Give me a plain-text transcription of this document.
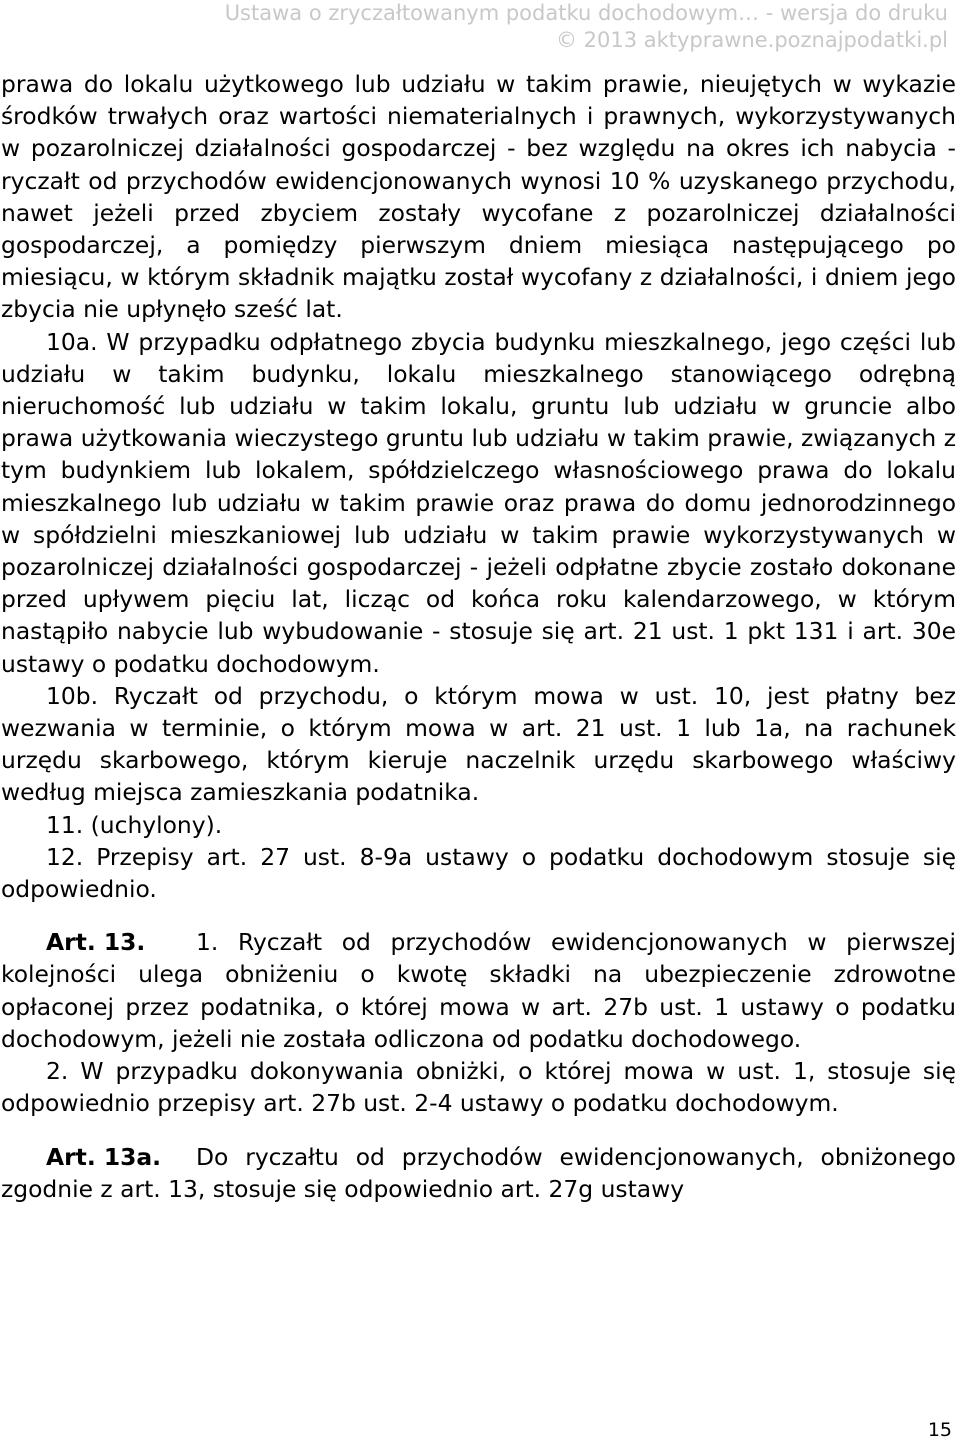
Ustawa o zryczałtowanym podatku dochodowym… - wersja do druku
© 2013 aktyprawne.poznajpodatki.pl

prawa do lokalu użytkowego lub udziału w takim prawie, nieujętych w wykazie środków trwałych oraz wartości niematerialnych i prawnych, wykorzystywanych w pozarolniczej działalności gospodarczej - bez względu na okres ich nabycia - ryczałt od przychodów ewidencjonowanych wynosi 10 % uzyskanego przychodu, nawet jeżeli przed zbyciem zostały wycofane z pozarolniczej działalności gospodarczej, a pomiędzy pierwszym dniem miesiąca następującego po miesiącu, w którym składnik majątku został wycofany z działalności, i dniem jego zbycia nie upłynęło sześć lat.

10a. W przypadku odpłatnego zbycia budynku mieszkalnego, jego części lub udziału w takim budynku, lokalu mieszkalnego stanowiącego odrębną nieruchomość lub udziału w takim lokalu, gruntu lub udziału w gruncie albo prawa użytkowania wieczystego gruntu lub udziału w takim prawie, związanych z tym budynkiem lub lokalem, spółdzielczego własnościowego prawa do lokalu mieszkalnego lub udziału w takim prawie oraz prawa do domu jednorodzinnego w spółdzielni mieszkaniowej lub udziału w takim prawie wykorzystywanych w pozarolniczej działalności gospodarczej - jeżeli odpłatne zbycie zostało dokonane przed upływem pięciu lat, licząc od końca roku kalendarzowego, w którym nastąpiło nabycie lub wybudowanie - stosuje się art. 21 ust. 1 pkt 131 i art. 30e ustawy o podatku dochodowym.

10b. Ryczałt od przychodu, o którym mowa w ust. 10, jest płatny bez wezwania w terminie, o którym mowa w art. 21 ust. 1 lub 1a, na rachunek urzędu skarbowego, którym kieruje naczelnik urzędu skarbowego właściwy według miejsca zamieszkania podatnika.

11. (uchylony).

12. Przepisy art. 27 ust. 8-9a ustawy o podatku dochodowym stosuje się odpowiednio.

Art. 13. 1. Ryczałt od przychodów ewidencjonowanych w pierwszej kolejności ulega obniżeniu o kwotę składki na ubezpieczenie zdrowotne opłaconej przez podatnika, o której mowa w art. 27b ust. 1 ustawy o podatku dochodowym, jeżeli nie została odliczona od podatku dochodowego.

2. W przypadku dokonywania obniżki, o której mowa w ust. 1, stosuje się odpowiednio przepisy art. 27b ust. 2-4 ustawy o podatku dochodowym.

Art. 13a. Do ryczałtu od przychodów ewidencjonowanych, obniżonego zgodnie z art. 13, stosuje się odpowiednio art. 27g ustawy

15
